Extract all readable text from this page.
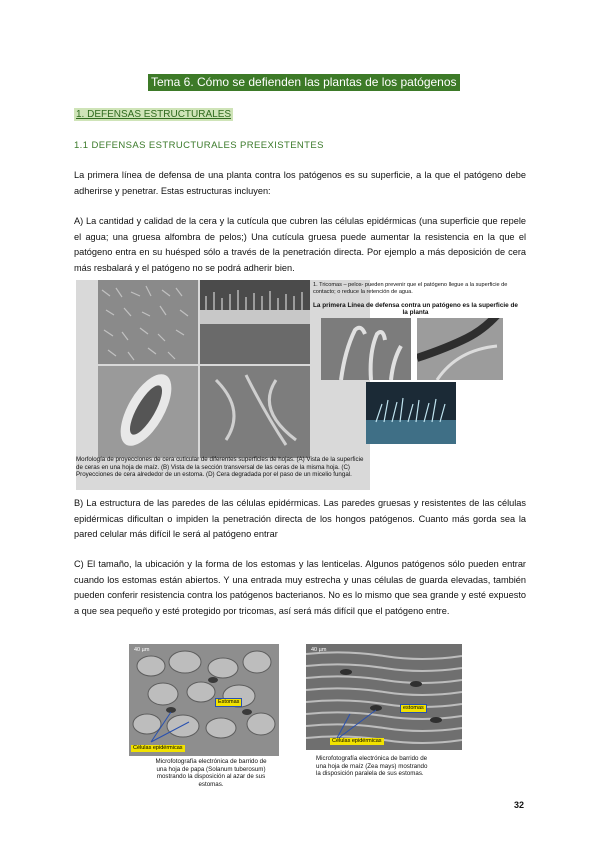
Tema 6. Cómo se defienden las plantas de los patógenos
1. DEFENSAS ESTRUCTURALES
1.1 DEFENSAS ESTRUCTURALES PREEXISTENTES

La primera línea de defensa de una planta contra los patógenos es su superficie, a la que el patógeno debe adherirse y penetrar. Estas estructuras incluyen:

A) La cantidad y calidad de la cera y la cutícula que cubren las células epidérmicas (una superficie que repele el agua; una gruesa alfombra de pelos;) Una cutícula gruesa puede aumentar la resistencia en la que el patógeno entra en su huésped sólo a través de la penetración directa. Por ejemplo a más deposición de cera más resbalará y el patógeno no se podrá adherir bien.

Morfología de proyecciones de cera cuticular de diferentes superficies de hojas. (A) Vista de la superficie de ceras en una hoja de maíz. (B) Vista de la sección transversal de las ceras de la misma hoja. (C) Proyecciones de cera alrededor de un estoma. (D) Cera degradada por el paso de un micelio fungal.
1. Tricomas – pelos- pueden prevenir que el patógeno llegue a la superficie de contacto; o reduce la retención de agua.
La primera Línea de defensa contra un patógeno es la superficie de la planta

B) La estructura de las paredes de las células epidérmicas. Las paredes gruesas y resistentes de las células epidérmicas dificultan o impiden la penetración directa de los hongos patógenos. Cuanto más gorda sea la pared celular más difícil le será al patógeno entrar

C) El tamaño, la ubicación y la forma de los estomas y las lenticelas. Algunos patógenos sólo pueden entrar cuando los estomas están abiertos. Y una entrada muy estrecha y unas células de guarda elevadas, también pueden conferir resistencia contra los patógenos bacterianos. No es lo mismo que sea grande y esté expuesto a que sea pequeño y esté protegido por tricomas, así será más difícil que el patógeno entre.

40 µm
Estomas
Células epidérmicas
Microfotografía electrónica de barrido de una hoja de papa (Solanum tuberosum) mostrando la disposición al azar de sus estomas.
40 µm
estomas
Células epidérmicas
Microfotografía electrónica de barrido de una hoja de maíz (Zea mays) mostrando la disposición paralela de sus estomas.
32
